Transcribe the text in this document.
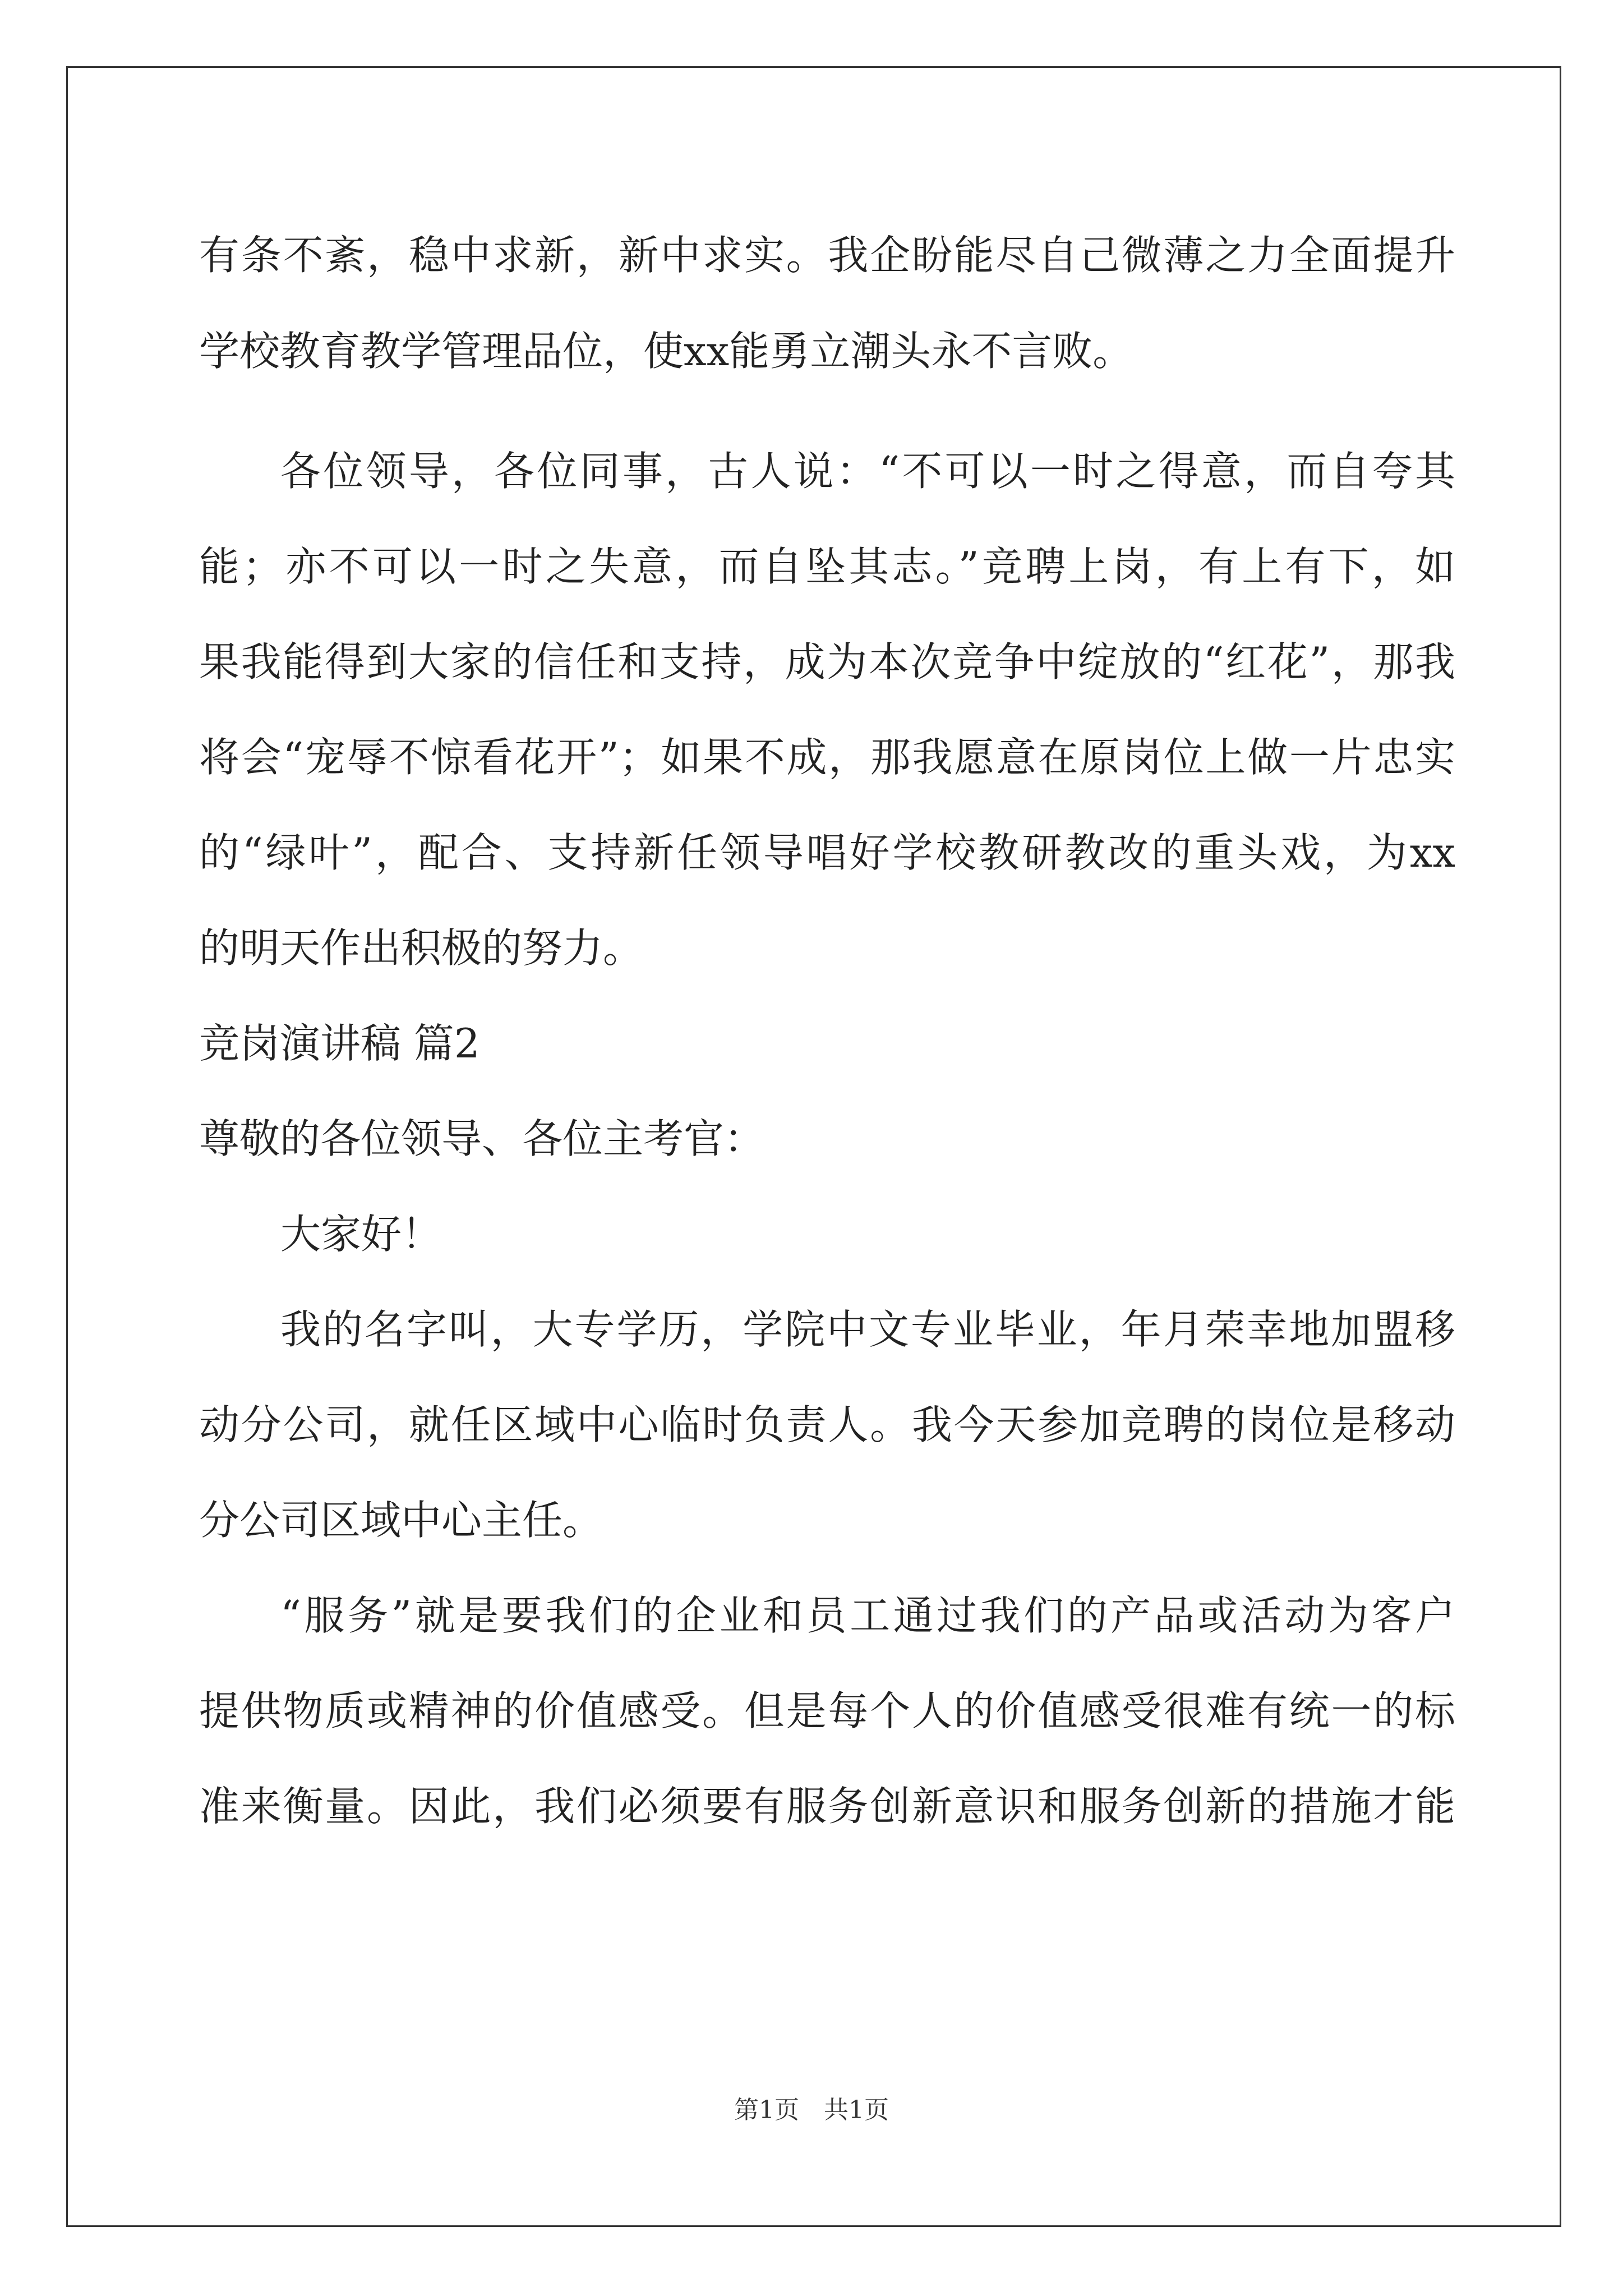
有条不紊，稳中求新，新中求实。我企盼能尽自己微薄之力全面提升
学校教育教学管理品位，使xx能勇立潮头永不言败。
各位领导，各位同事，古人说：“不可以一时之得意，而自夸其
能；亦不可以一时之失意，而自坠其志。”竞聘上岗，有上有下，如
果我能得到大家的信任和支持，成为本次竞争中绽放的“红花”，那我
将会“宠辱不惊看花开”；如果不成，那我愿意在原岗位上做一片忠实
的“绿叶”，配合、支持新任领导唱好学校教研教改的重头戏，为xx
的明天作出积极的努力。
竞岗演讲稿 篇2
尊敬的各位领导、各位主考官：
大家好！
我的名字叫，大专学历，学院中文专业毕业，年月荣幸地加盟移
动分公司，就任区域中心临时负责人。我今天参加竞聘的岗位是移动
分公司区域中心主任。
“服务”就是要我们的企业和员工通过我们的产品或活动为客户
提供物质或精神的价值感受。但是每个人的价值感受很难有统一的标
准来衡量。因此，我们必须要有服务创新意识和服务创新的措施才能
第1页　共1页
